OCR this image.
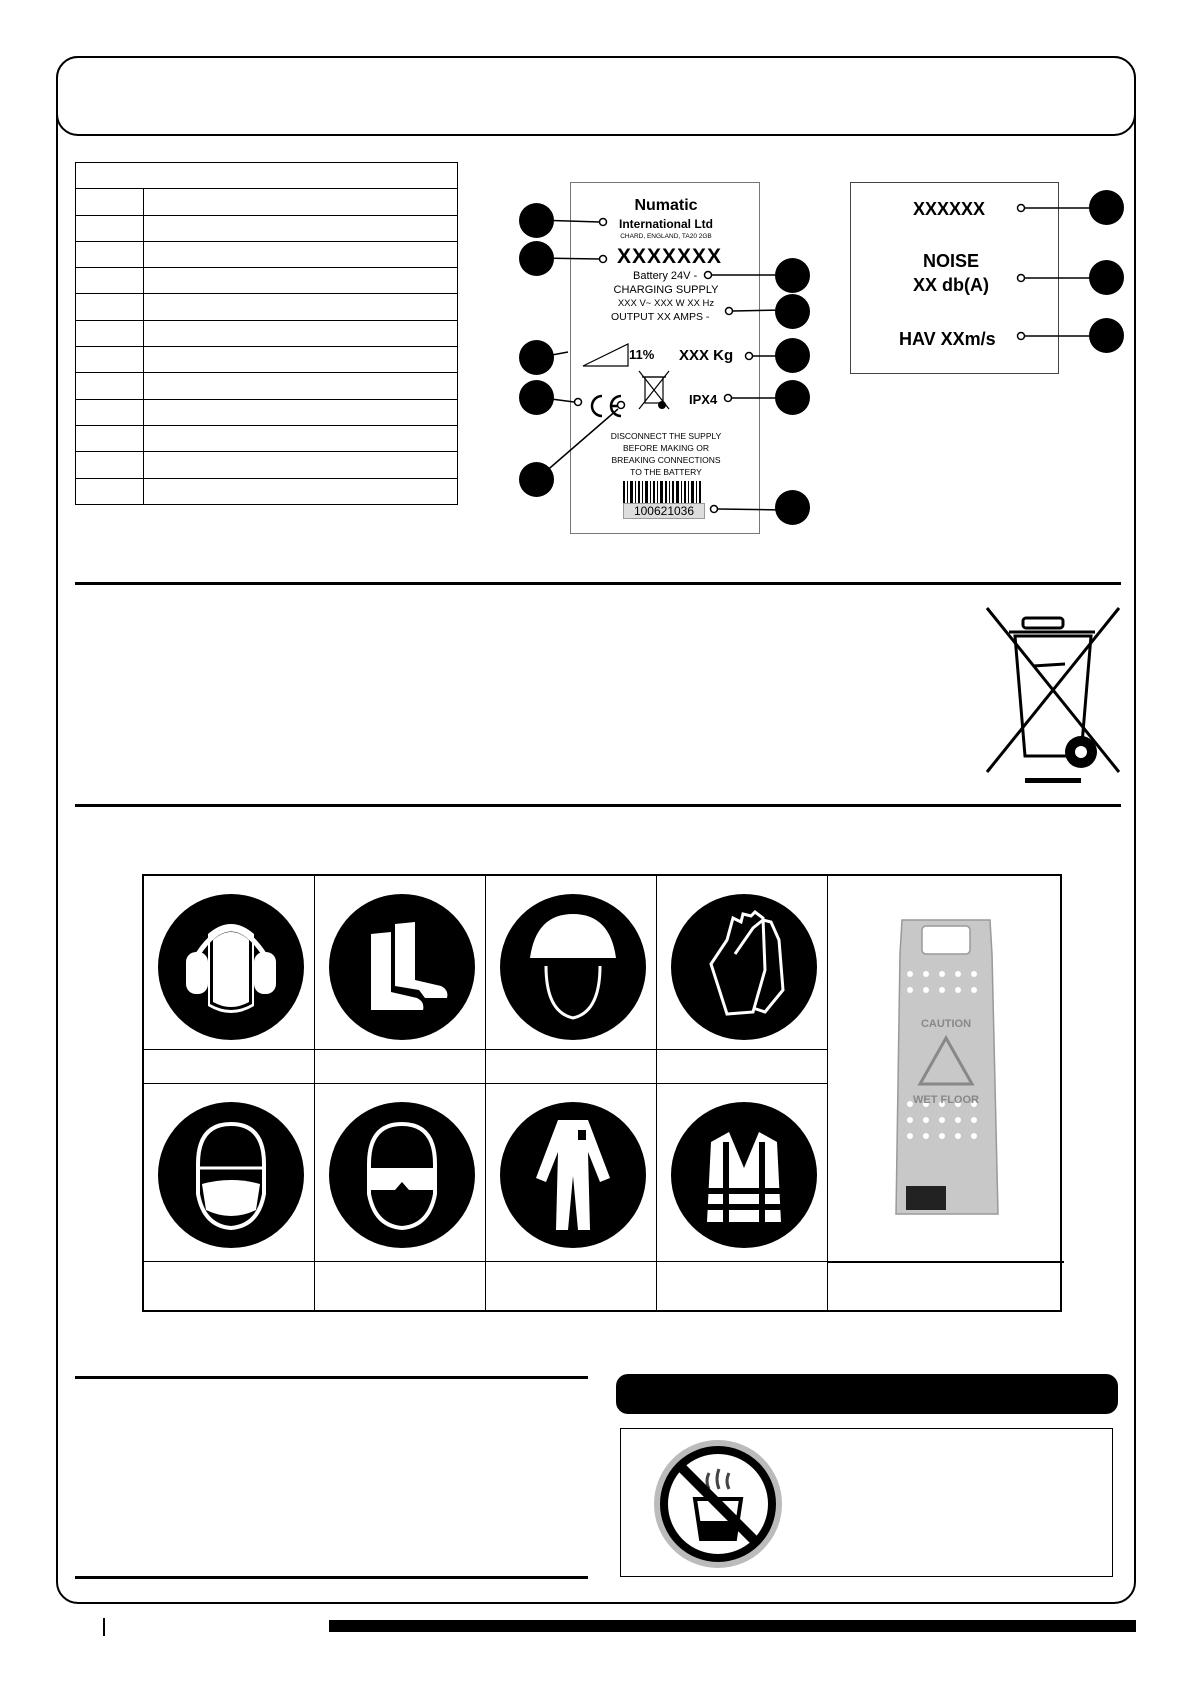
Numatic
International Ltd
CHARD, ENGLAND, TA20 2GB
XXXXXXX
Battery 24V -
CHARGING SUPPLY
XXX V~ XXX W XX Hz
OUTPUT XX AMPS -
11% XXX Kg
IPX4
DISCONNECT THE SUPPLY
BEFORE MAKING OR
BREAKING CONNECTIONS
TO THE BATTERY
100621036
XXXXXX
NOISE
XX db(A)
HAV XXm/s
CAUTION
WET FLOOR
